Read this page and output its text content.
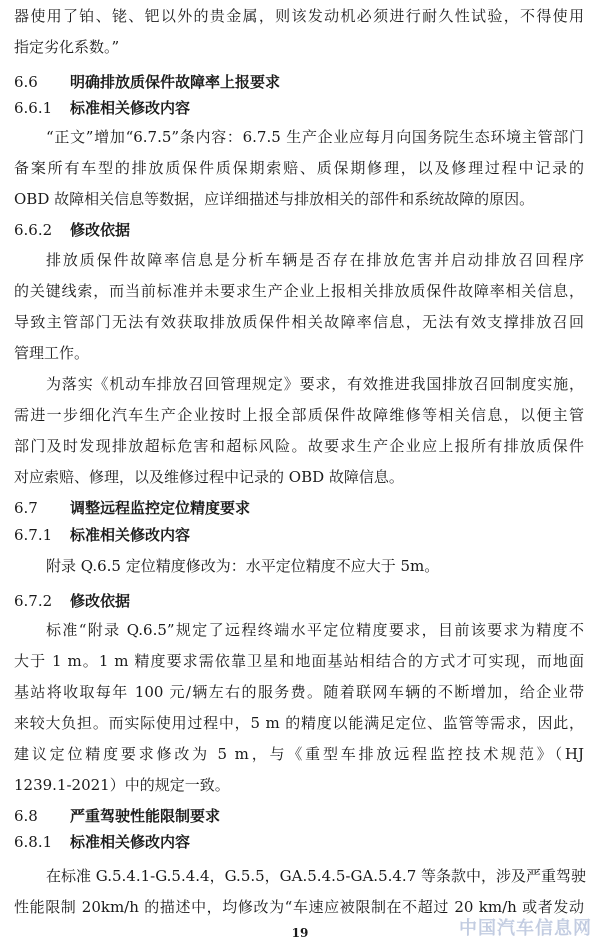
器使用了铂、铑、钯以外的贵金属，则该发动机必须进行耐久性试验，不得使用
指定劣化系数。”
6.6 明确排放质保件故障率上报要求
6.6.1 标准相关修改内容
“正文”增加“6.7.5”条内容：6.7.5 生产企业应每月向国务院生态环境主管部门
备案所有车型的排放质保件质保期索赔、质保期修理，以及修理过程中记录的
OBD 故障相关信息等数据，应详细描述与排放相关的部件和系统故障的原因。
6.6.2 修改依据
排放质保件故障率信息是分析车辆是否存在排放危害并启动排放召回程序
的关键线索，而当前标准并未要求生产企业上报相关排放质保件故障率相关信息，
导致主管部门无法有效获取排放质保件相关故障率信息，无法有效支撑排放召回
管理工作。
为落实《机动车排放召回管理规定》要求，有效推进我国排放召回制度实施，
需进一步细化汽车生产企业按时上报全部质保件故障维修等相关信息，以便主管
部门及时发现排放超标危害和超标风险。故要求生产企业应上报所有排放质保件
对应索赔、修理，以及维修过程中记录的 OBD 故障信息。
6.7 调整远程监控定位精度要求
6.7.1 标准相关修改内容
附录 Q.6.5 定位精度修改为：水平定位精度不应大于 5m。
6.7.2 修改依据
标准“附录 Q.6.5”规定了远程终端水平定位精度要求，目前该要求为精度不
大于 1 m。1 m 精度要求需依靠卫星和地面基站相结合的方式才可实现，而地面
基站将收取每年 100 元/辆左右的服务费。随着联网车辆的不断增加，给企业带
来较大负担。而实际使用过程中，5 m 的精度以能满足定位、监管等需求，因此，
建议定位精度要求修改为 5 m，与《重型车排放远程监控技术规范》（HJ
1239.1-2021）中的规定一致。
6.8 严重驾驶性能限制要求
6.8.1 标准相关修改内容
在标准 G.5.4.1-G.5.4.4，G.5.5，GA.5.4.5-GA.5.4.7 等条款中，涉及严重驾驶
性能限制 20km/h 的描述中，均修改为“车速应被限制在不超过 20 km/h 或者发动
19	中国汽车信息网
